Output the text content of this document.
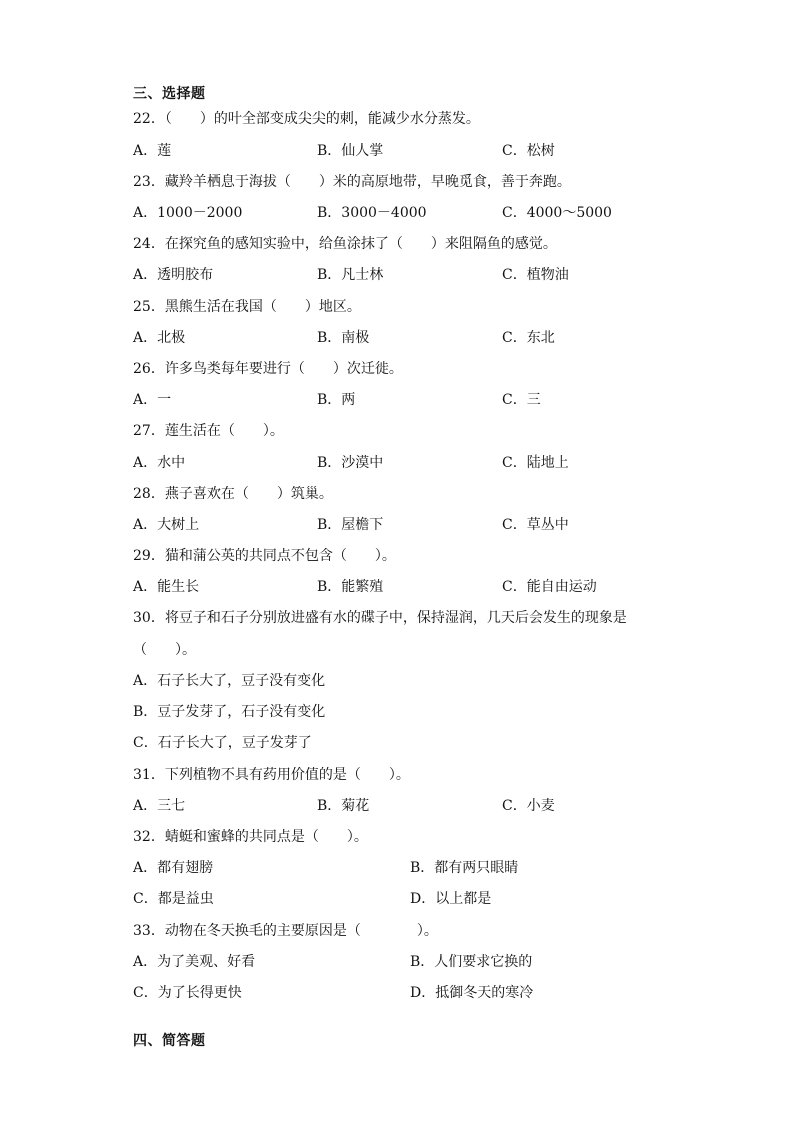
三、选择题
22．（　　）的叶全部变成尖尖的刺，能减少水分蒸发。
A．莲	B．仙人掌	C．松树
23．藏羚羊栖息于海拔（　　）米的高原地带，早晚觅食，善于奔跑。
A．1000－2000	B．3000－4000	C．4000～5000
24．在探究鱼的感知实验中，给鱼涂抹了（　　）来阻隔鱼的感觉。
A．透明胶布	B．凡士林	C．植物油
25．黑熊生活在我国（　　）地区。
A．北极	B．南极	C．东北
26．许多鸟类每年要进行（　　）次迁徙。
A．一	B．两	C．三
27．莲生活在（　　）。
A．水中	B．沙漠中	C．陆地上
28．燕子喜欢在（　　）筑巢。
A．大树上	B．屋檐下	C．草丛中
29．猫和蒲公英的共同点不包含（　　）。
A．能生长	B．能繁殖	C．能自由运动
30．将豆子和石子分别放进盛有水的碟子中，保持湿润，几天后会发生的现象是
（　　）。
A．石子长大了，豆子没有变化
B．豆子发芽了，石子没有变化
C．石子长大了，豆子发芽了
31．下列植物不具有药用价值的是（　　）。
A．三七	B．菊花	C．小麦
32．蜻蜓和蜜蜂的共同点是（　　）。
A．都有翅膀	B．都有两只眼睛
C．都是益虫	D．以上都是
33．动物在冬天换毛的主要原因是（　　　　）。
A．为了美观、好看	B．人们要求它换的
C．为了长得更快	D．抵御冬天的寒冷
四、简答题
